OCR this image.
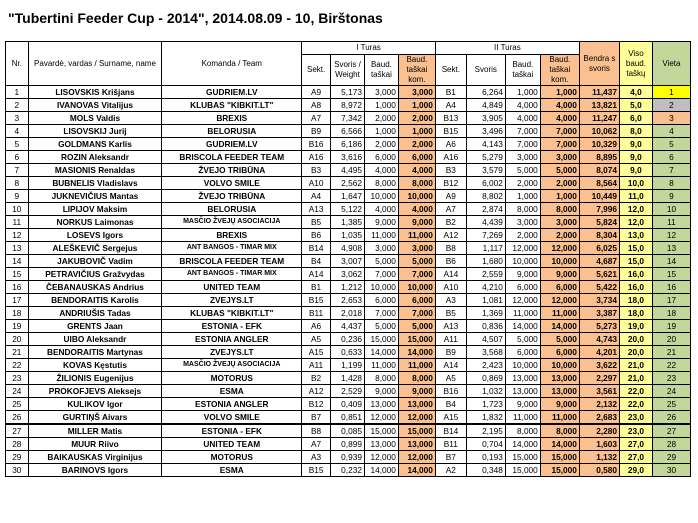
"Tubertini Feeder Cup - 2014", 2014.08.09 - 10, Birštonas
Nr.	Pavardė, vardas / Surname, name	Komanda / Team	I Turas				II Turas				Bendra s svoris	Viso baud. taškų	Vieta
			Sekt.	Svoris / Weight	Baud. taškai	Baud. taškai kom.	Sekt.	Svoris	Baud. taškai	Baud. taškai kom.			
1	LISOVSKIS Krišjans	GUDRIEM.LV	A9	5,173	3,000	3,000	B1	6,264	1,000	1,000	11,437	4,0	1
2	IVANOVAS Vitalijus	KLUBAS "KIBKIT.LT"	A8	8,972	1,000	1,000	A4	4,849	4,000	4,000	13,821	5,0	2
3	MOLS Valdis	BREXIS	A7	7,342	2,000	2,000	B13	3,905	4,000	4,000	11,247	6,0	3
4	LISOVSKIJ Jurij	BELORUSIA	B9	6,566	1,000	1,000	B15	3,496	7,000	7,000	10,062	8,0	4
5	GOLDMANS Karlis	GUDRIEM.LV	B16	6,186	2,000	2,000	A6	4,143	7,000	7,000	10,329	9,0	5
6	ROZIN Aleksandr	BRISCOLA FEEDER TEAM	A16	3,616	6,000	6,000	A16	5,279	3,000	3,000	8,895	9,0	6
7	MASIONIS Renaldas	ŽVEJO TRIBŪNA	B3	4,495	4,000	4,000	B3	3,579	5,000	5,000	8,074	9,0	7
8	BUBNELIS Vladislavs	VOLVO SMILE	A10	2,562	8,000	8,000	B12	6,002	2,000	2,000	8,564	10,0	8
9	JUKNEVIČIUS Mantas	ŽVEJO TRIBŪNA	A4	1,647	10,000	10,000	A9	8,802	1,000	1,000	10,449	11,0	9
10	LIPIJOV Maksim	BELORUSIA	A13	5,122	4,000	4,000	A7	2,874	8,000	8,000	7,996	12,0	10
11	NORKUS Laimonas	MASČIO ŽVEJŲ ASOCIACIJA	B5	1,385	9,000	9,000	B2	4,439	3,000	3,000	5,824	12,0	11
12	LOSEVS Igors	BREXIS	B6	1,035	11,000	11,000	A12	7,269	2,000	2,000	8,304	13,0	12
13	ALEŠKEVIČ Sergejus	ANT BANGOS - TIMAR MIX	B14	4,908	3,000	3,000	B8	1,117	12,000	12,000	6,025	15,0	13
14	JAKUBOVIČ Vadim	BRISCOLA FEEDER TEAM	B4	3,007	5,000	5,000	B6	1,680	10,000	10,000	4,687	15,0	14
15	PETRAVIČIUS Gražvydas	ANT BANGOS - TIMAR MIX	A14	3,062	7,000	7,000	A14	2,559	9,000	9,000	5,621	16,0	15
16	ČEBANAUSKAS Andrius	UNITED TEAM	B1	1,212	10,000	10,000	A10	4,210	6,000	6,000	5,422	16,0	16
17	BENDORAITIS Karolis	ZVEJYS.LT	B15	2,653	6,000	6,000	A3	1,081	12,000	12,000	3,734	18,0	17
18	ANDRIUŠIS Tadas	KLUBAS "KIBKIT.LT"	B11	2,018	7,000	7,000	B5	1,369	11,000	11,000	3,387	18,0	18
19	GRENTS Jaan	ESTONIA - EFK	A6	4,437	5,000	5,000	A13	0,836	14,000	14,000	5,273	19,0	19
20	UIBO Aleksandr	ESTONIA ANGLER	A5	0,236	15,000	15,000	A11	4,507	5,000	5,000	4,743	20,0	20
21	BENDORAITIS Martynas	ZVEJYS.LT	A15	0,633	14,000	14,000	B9	3,568	6,000	6,000	4,201	20,0	21
22	KOVAS Kęstutis	MASČIO ŽVEJŲ ASOCIACIJA	A11	1,199	11,000	11,000	A14	2,423	10,000	10,000	3,622	21,0	22
23	ŽILIONIS Eugenijus	MOTORUS	B2	1,428	8,000	8,000	A5	0,869	13,000	13,000	2,297	21,0	23
24	PROKOFJEVS Aleksejs	ESMA	A12	2,529	9,000	9,000	B16	1,032	13,000	13,000	3,561	22,0	24
25	KULIKOV Igor	ESTONIA ANGLER	B12	0,409	13,000	13,000	B4	1,723	9,000	9,000	2,132	22,0	25
26	GURTIŅŠ Aivars	VOLVO SMILE	B7	0,851	12,000	12,000	A15	1,832	11,000	11,000	2,683	23,0	26
27	MILLER Matis	ESTONIA - EFK	B8	0,085	15,000	15,000	B14	2,195	8,000	8,000	2,280	23,0	27
28	MUUR Riivo	UNITED TEAM	A7	0,899	13,000	13,000	B11	0,704	14,000	14,000	1,603	27,0	28
29	BAIKAUSKAS Virginijus	MOTORUS	A3	0,939	12,000	12,000	B7	0,193	15,000	15,000	1,132	27,0	29
30	BARINOVS Igors	ESMA	B15	0,232	14,000	14,000	A2	0,348	15,000	15,000	0,580	29,0	30
